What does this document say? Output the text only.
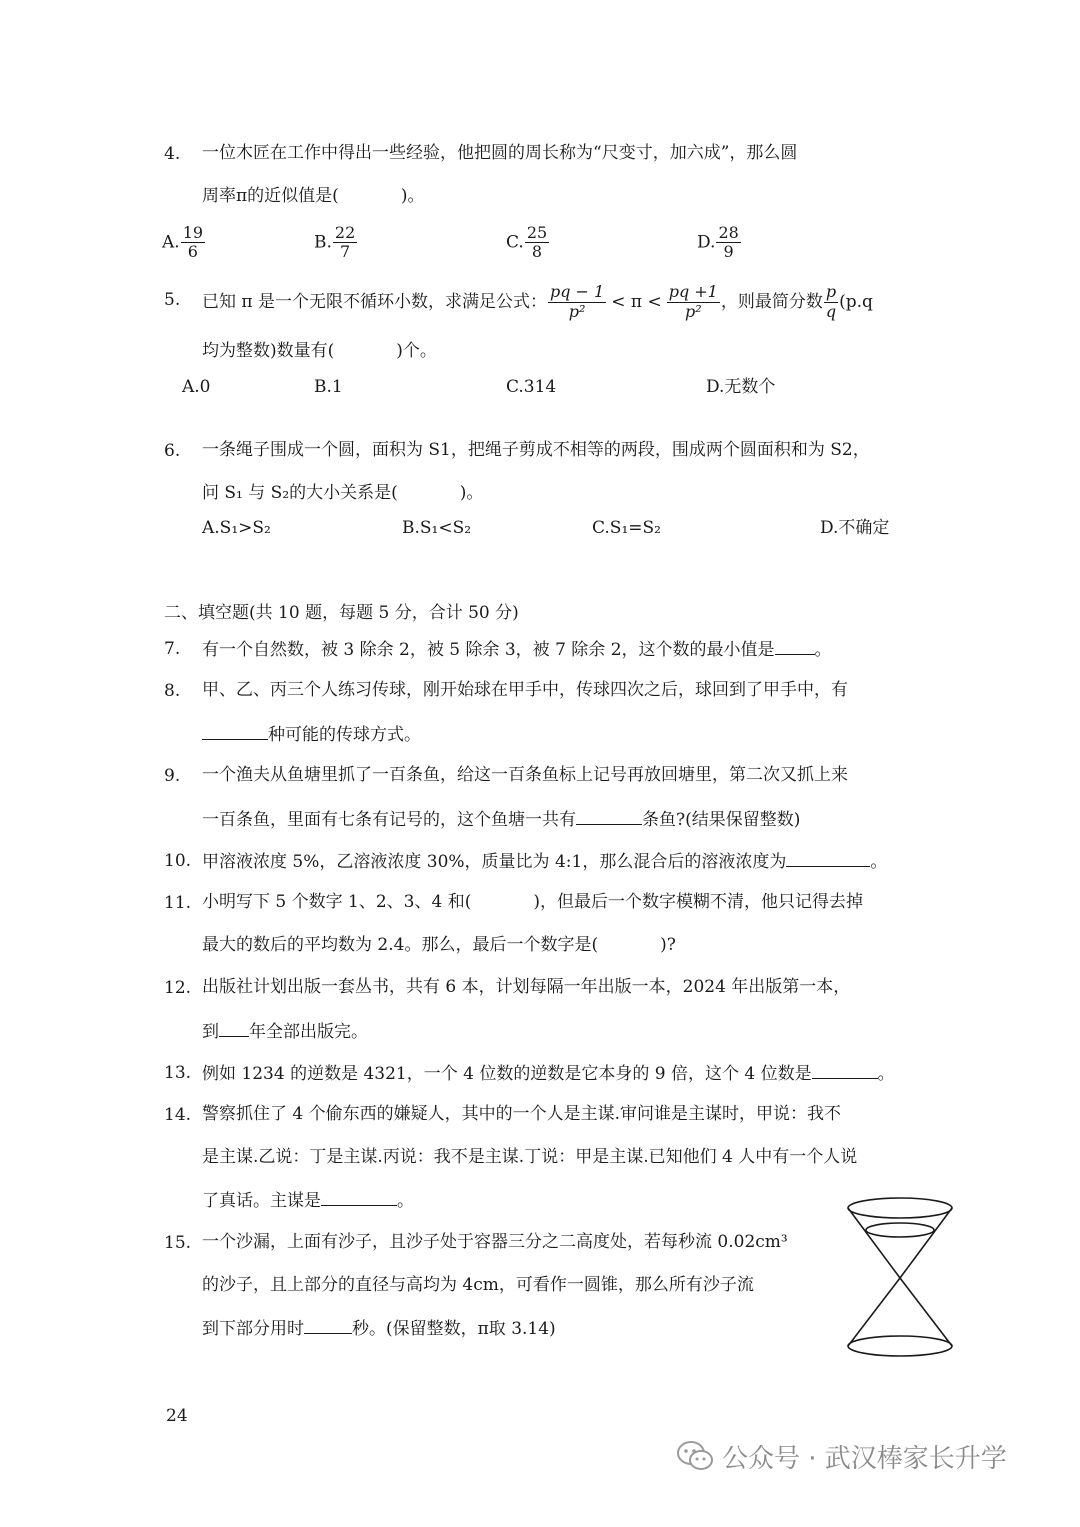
4. 一位木匠在工作中得出一些经验，他把圆的周长称为“尺变寸，加六成”，那么圆
周率π的近似值是(	)。
A. $\frac{19}{6}$	B. $\frac{22}{7}$	C. $\frac{25}{8}$	D. $\frac{28}{9}$
5. 已知 π 是一个无限不循环小数，求满足公式： $\frac{pq - 1}{\text{p²}} < \pi < \frac{pq +1}{\text{p²}}$ ，则最简分数 $\frac{p}{q} (p.q$
均为整数)数量有(	)个。
A.0	B.1	C.314	D.无数个
6. 一条绳子围成一个圆，面积为 S1，把绳子剪成不相等的两段，围成两个圆面积和为 S2，
问 S₁ 与 S₂的大小关系是(	)。
A.S₁>S₂	B.S₁<S₂	C.S₁=S₂	D.不确定
二、填空题(共 10 题，每题 5 分，合计 50 分)
7. 有一个自然数，被 3 除余 2，被 5 除余 3，被 7 除余 2，这个数的最小值是 。
8. 甲、乙、丙三个人练习传球，刚开始球在甲手中，传球四次之后，球回到了甲手中，有
种可能的传球方式。
9. 一个渔夫从鱼塘里抓了一百条鱼，给这一百条鱼标上记号再放回塘里，第二次又抓上来
一百条鱼，里面有七条有记号的，这个鱼塘一共有	条鱼?(结果保留整数)
10. 甲溶液浓度 5%，乙溶液浓度 30%，质量比为 4:1，那么混合后的溶液浓度为	。
11. 小明写下 5 个数字 1、2、3、4 和(	)，但最后一个数字模糊不清，他只记得去掉
最大的数后的平均数为 2.4。那么，最后一个数字是(	)?
12. 出版社计划出版一套丛书，共有 6 本，计划每隔一年出版一本，2024 年出版第一本，
到 年全部出版完。
13. 例如 1234 的逆数是 4321，一个 4 位数的逆数是它本身的 9 倍，这个 4 位数是	。
14. 警察抓住了 4 个偷东西的嫌疑人，其中的一个人是主谋.审问谁是主谋时，甲说：我不
是主谋.乙说：丁是主谋.丙说：我不是主谋.丁说：甲是主谋.已知他们 4 人中有一个人说
了真话。主谋是	。
15. 一个沙漏，上面有沙子，且沙子处于容器三分之二高度处，若每秒流 0.02cm³
的沙子，且上部分的直径与高均为 4cm，可看作一圆锥，那么所有沙子流
到下部分用时	秒。(保留整数，π取 3.14)
24
公众号 · 武汉棒家长升学
